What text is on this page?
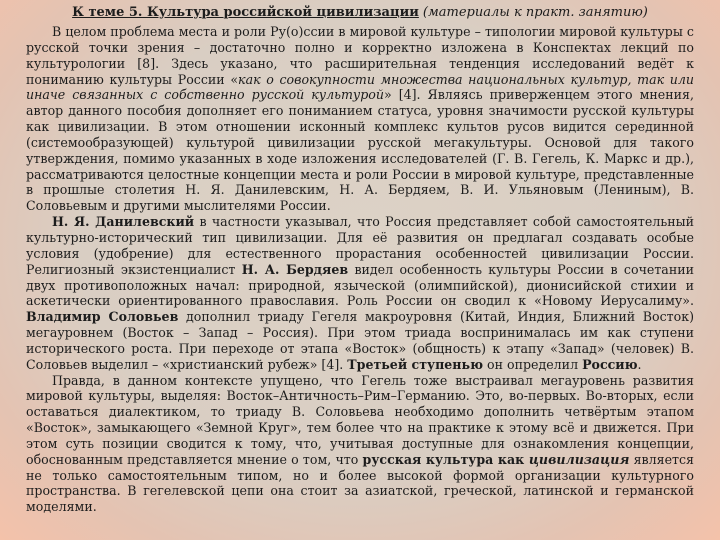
К теме 5. Культура российской цивилизации (материалы к практ. занятию)

В целом проблема места и роли Ру(о)ссии в мировой культуре – типологии мировой культуры с русской точки зрения – достаточно полно и корректно изложена в Конспектах лекций по культурологии [8]. Здесь указано, что расширительная тенденция исследований ведёт к пониманию культуры России «как о совокупности множества национальных культур, так или иначе связанных с собственно русской культурой» [4]. Являясь приверженцем этого мнения, автор данного пособия дополняет его пониманием статуса, уровня значимости русской культуры как цивилизации. В этом отношении исконный комплекс культов русов видится серединной (системообразующей) культурой цивилизации русской мегакультуры. Основой для такого утверждения, помимо указанных в ходе изложения исследователей (Г. В. Гегель, К. Маркс и др.), рассматриваются целостные концепции места и роли России в мировой культуре, представленные в прошлые столетия Н. Я. Данилевским, Н. А. Бердяем, В. И. Ульяновым (Лениным), В. Соловьевым и другими мыслителями России.

Н. Я. Данилевский в частности указывал, что Россия представляет собой самостоятельный культурно-исторический тип цивилизации. Для её развития он предлагал создавать особые условия (удобрение) для естественного прорастания особенностей цивилизации России. Религиозный экзистенциалист Н. А. Бердяев видел особенность культуры России в сочетании двух противоположных начал: природной, языческой (олимпийской), дионисийской стихии и аскетически ориентированного православия. Роль России он сводил к «Новому Иерусалиму». Владимир Соловьев дополнил триаду Гегеля макроуровня (Китай, Индия, Ближний Восток) мегауровнем (Восток – Запад – Россия). При этом триада воспринималась им как ступени исторического роста. При переходе от этапа «Восток» (общность) к этапу «Запад» (человек) В. Соловьев выделил – «христианский рубеж» [4]. Третьей ступенью он определил Россию.

Правда, в данном контексте упущено, что Гегель тоже выстраивал мегауровень развития мировой культуры, выделяя: Восток–Античность–Рим–Германию. Это, во-первых. Во-вторых, если оставаться диалектиком, то триаду В. Соловьева необходимо дополнить четвёртым этапом «Восток», замыкающего «Земной Круг», тем более что на практике к этому всё и движется. При этом суть позиции сводится к тому, что, учитывая доступные для ознакомления концепции, обоснованным представляется мнение о том, что русская культура как цивилизация является не только самостоятельным типом, но и более высокой формой организации культурного пространства. В гегелевской цепи она стоит за азиатской, греческой, латинской и германской моделями.
